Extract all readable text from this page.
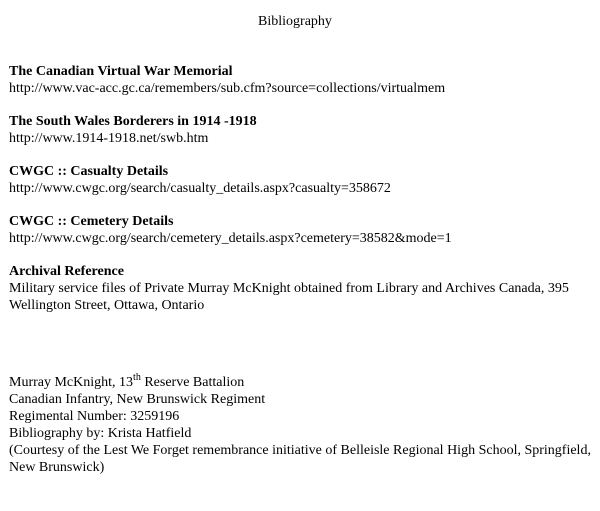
Bibliography
The Canadian Virtual War Memorial
http://www.vac-acc.gc.ca/remembers/sub.cfm?source=collections/virtualmem
The South Wales Borderers in 1914 -1918
http://www.1914-1918.net/swb.htm
CWGC :: Casualty Details
http://www.cwgc.org/search/casualty_details.aspx?casualty=358672
CWGC :: Cemetery Details
http://www.cwgc.org/search/cemetery_details.aspx?cemetery=38582&mode=1
Archival Reference
Military service files of Private Murray McKnight obtained from Library and Archives Canada, 395 Wellington Street, Ottawa, Ontario
Murray McKnight, 13th Reserve Battalion
Canadian Infantry, New Brunswick Regiment
Regimental Number: 3259196
Bibliography by: Krista Hatfield
(Courtesy of the Lest We Forget remembrance initiative of Belleisle Regional High School, Springfield, New Brunswick)
